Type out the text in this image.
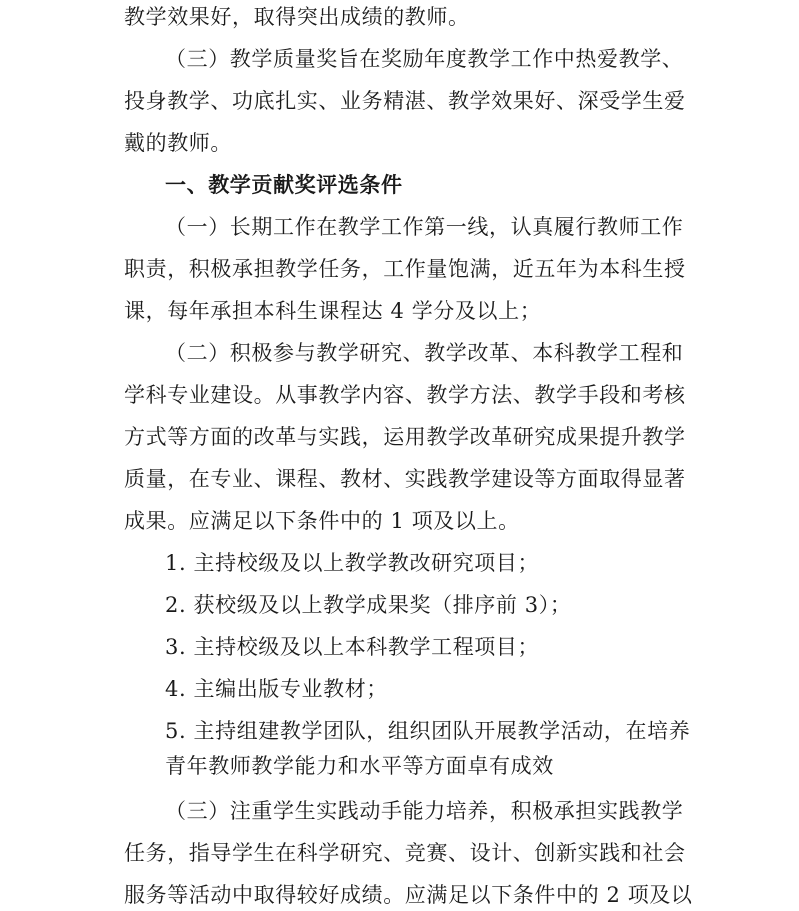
教学效果好，取得突出成绩的教师。
（三）教学质量奖旨在奖励年度教学工作中热爱教学、
投身教学、功底扎实、业务精湛、教学效果好、深受学生爱
戴的教师。
一、教学贡献奖评选条件
（一）长期工作在教学工作第一线，认真履行教师工作
职责，积极承担教学任务，工作量饱满，近五年为本科生授
课，每年承担本科生课程达 4 学分及以上；
（二）积极参与教学研究、教学改革、本科教学工程和
学科专业建设。从事教学内容、教学方法、教学手段和考核
方式等方面的改革与实践，运用教学改革研究成果提升教学
质量，在专业、课程、教材、实践教学建设等方面取得显著
成果。应满足以下条件中的 1 项及以上。
1. 主持校级及以上教学教改研究项目；
2. 获校级及以上教学成果奖（排序前 3）；
3. 主持校级及以上本科教学工程项目；
4. 主编出版专业教材；
5. 主持组建教学团队，组织团队开展教学活动，在培养
青年教师教学能力和水平等方面卓有成效
（三）注重学生实践动手能力培养，积极承担实践教学
任务，指导学生在科学研究、竞赛、设计、创新实践和社会
服务等活动中取得较好成绩。应满足以下条件中的 2 项及以
